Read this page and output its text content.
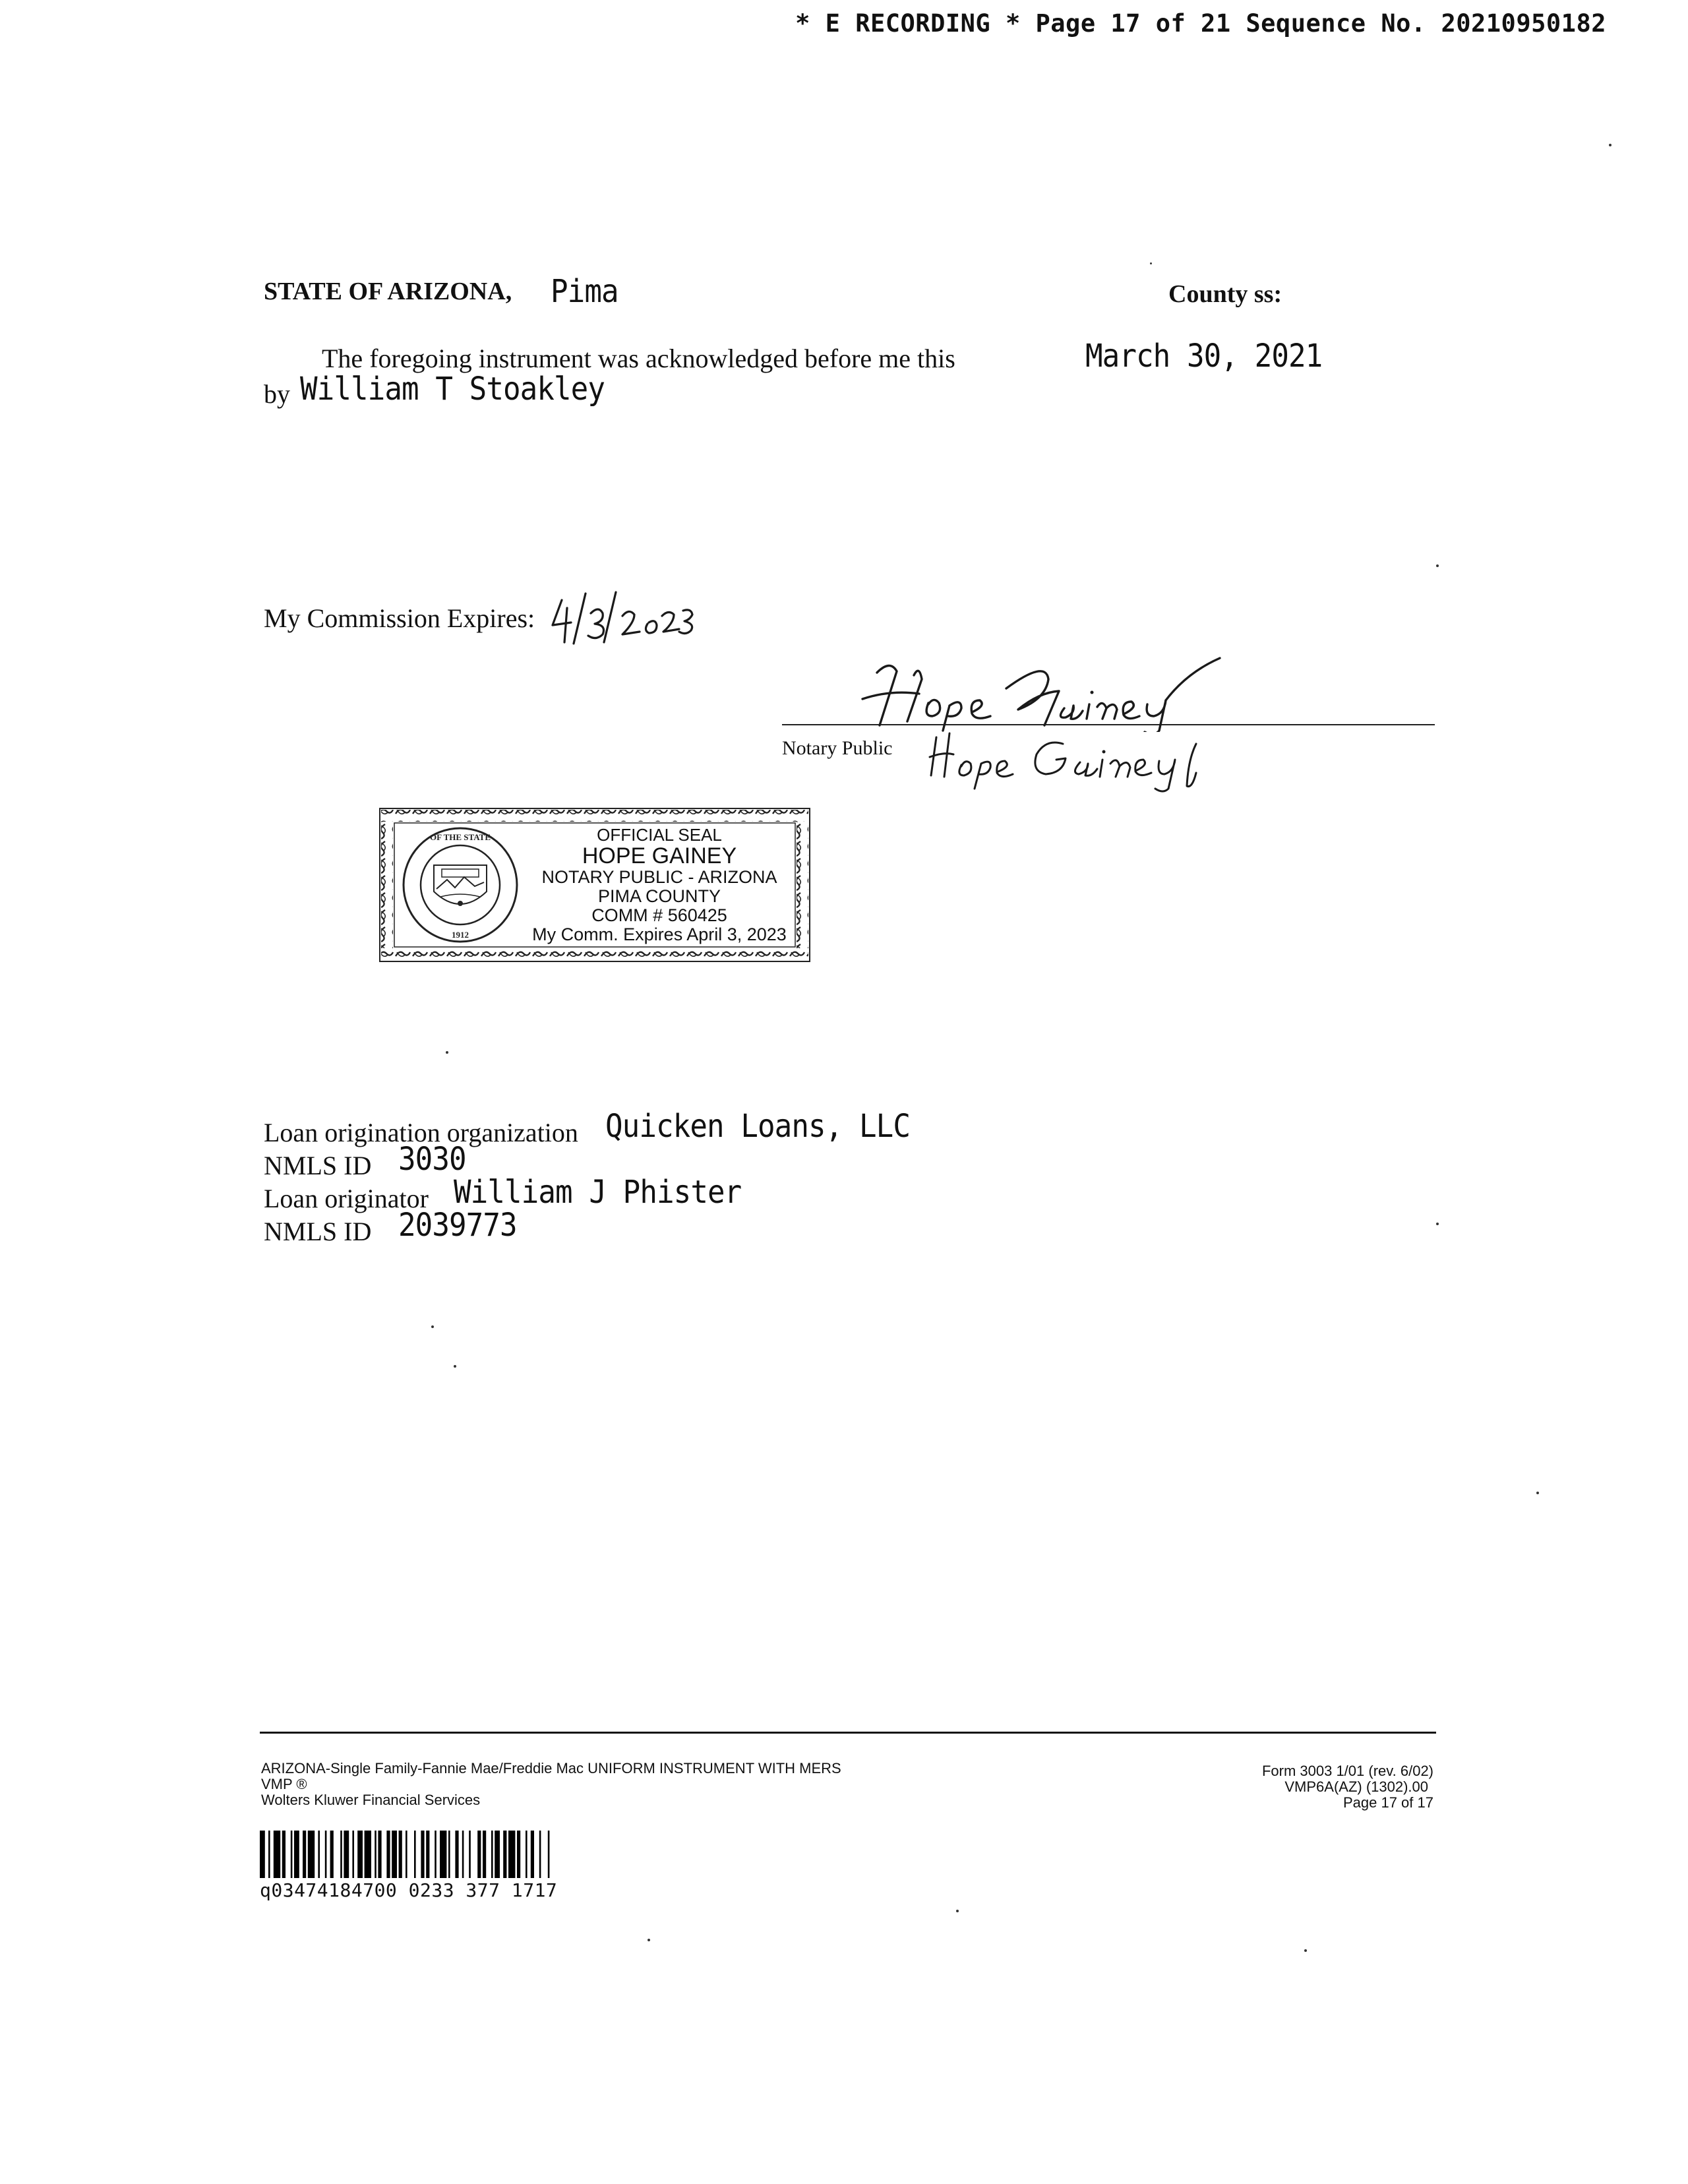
* E RECORDING * Page 17 of 21 Sequence No. 20210950182
STATE OF ARIZONA, Pima	County ss:
The foregoing instrument was acknowledged before me this	March 30, 2021
by William T Stoakley
My Commission Expires:
Notary Public
OF THE STATE
1912
OFFICIAL SEAL
HOPE GAINEY
NOTARY PUBLIC - ARIZONA
PIMA COUNTY
COMM # 560425
My Comm. Expires April 3, 2023
Loan origination organization Quicken Loans, LLC
NMLS ID 3030
Loan originator William J Phister
NMLS ID 2039773
ARIZONA-Single Family-Fannie Mae/Freddie Mac UNIFORM INSTRUMENT WITH MERS
VMP ®
Wolters Kluwer Financial Services
Form 3003 1/01 (rev. 6/02)
VMP6A(AZ) (1302).00
Page 17 of 17
q03474184700 0233 377 1717
